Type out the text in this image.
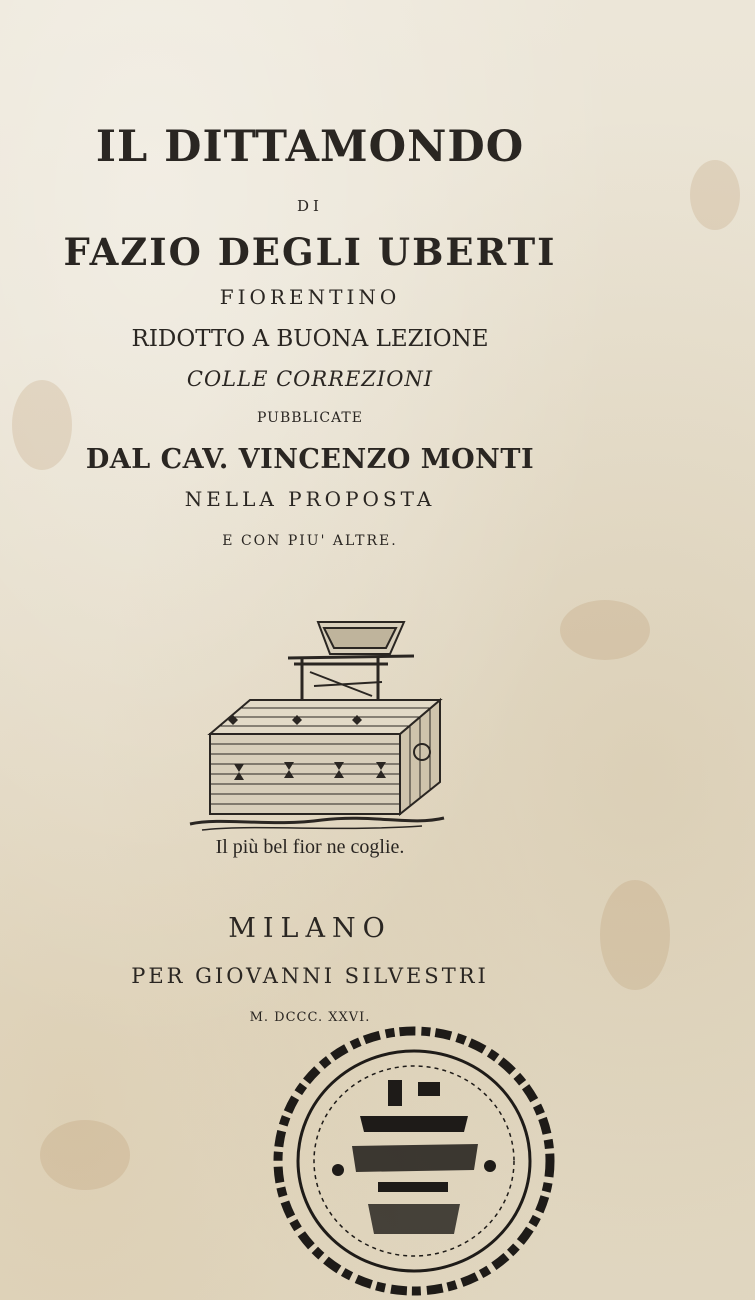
IL DITTAMONDO
DI
FAZIO DEGLI UBERTI
FIORENTINO
RIDOTTO A BUONA LEZIONE
COLLE CORREZIONI
PUBBLICATE
DAL CAV. VINCENZO MONTI
NELLA PROPOSTA
E CON PIU' ALTRE.
Il più bel fior ne coglie.
MILANO
PER GIOVANNI SILVESTRI
M. DCCC. XXVI.
